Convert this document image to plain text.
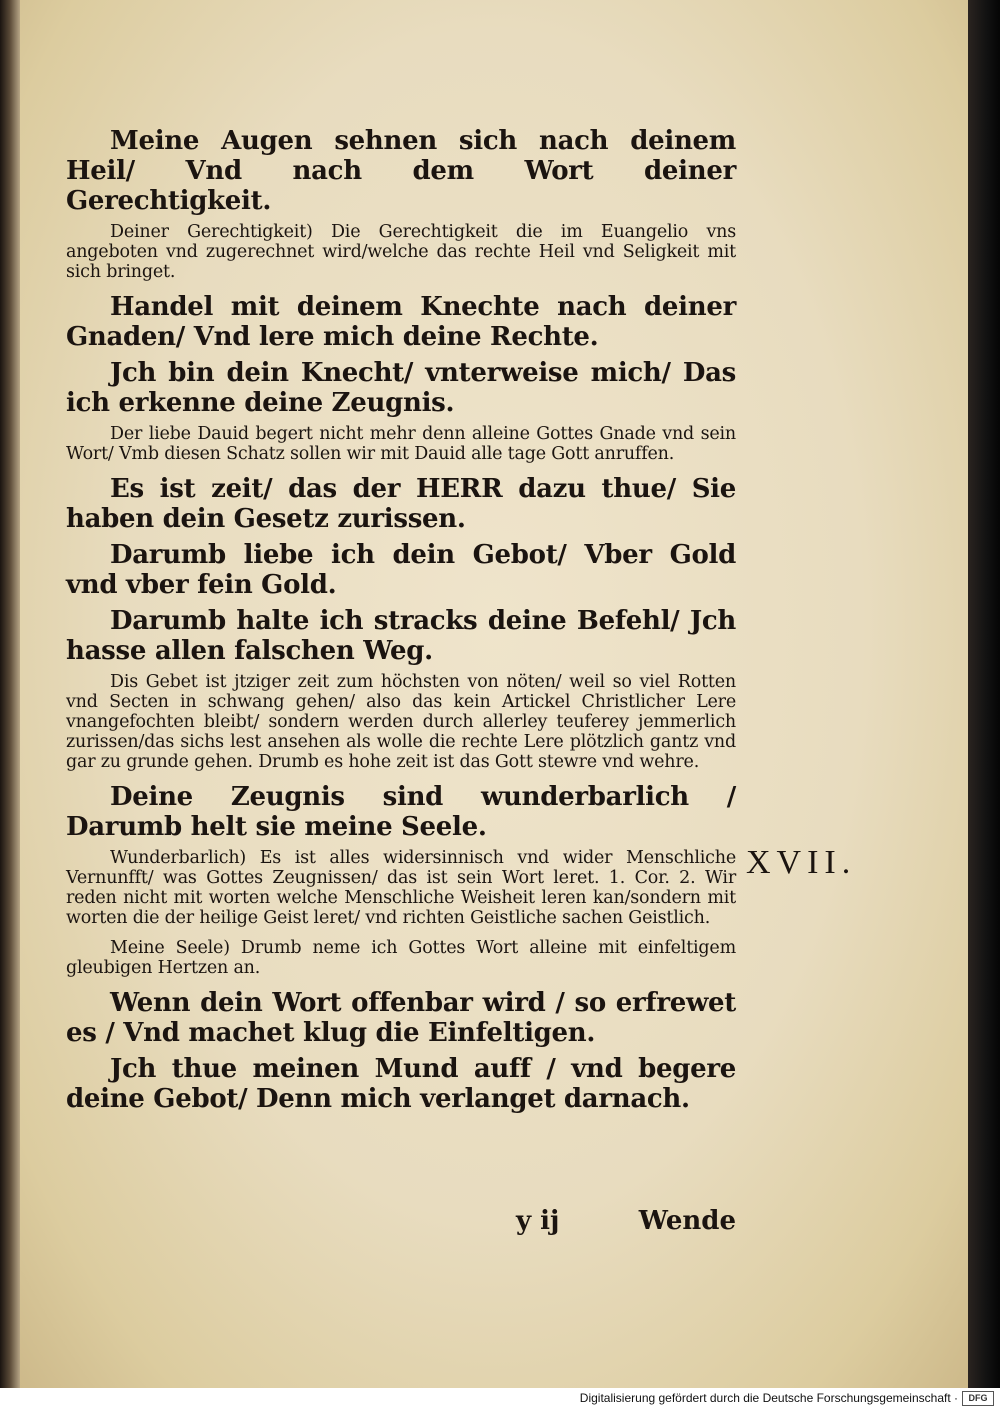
Meine Augen sehnen sich nach deinem Heil/ Vnd nach dem Wort deiner Gerechtigkeit.

Deiner Gerechtigkeit) Die Gerechtigkeit die im Euangelio vns angeboten vnd zugerechnet wird/welche das rechte Heil vnd Seligkeit mit sich bringet.

Handel mit deinem Knechte nach deiner Gnaden/ Vnd lere mich deine Rechte.

Jch bin dein Knecht/ vnterweise mich/ Das ich erkenne deine Zeugnis.

Der liebe Dauid begert nicht mehr denn alleine Gottes Gnade vnd sein Wort/ Vmb diesen Schatz sollen wir mit Dauid alle tage Gott anruffen.

Es ist zeit/ das der HERR dazu thue/ Sie haben dein Gesetz zurissen.

Darumb liebe ich dein Gebot/ Vber Gold vnd vber fein Gold.

Darumb halte ich stracks deine Befehl/ Jch hasse allen falschen Weg.

Dis Gebet ist jtziger zeit zum höchsten von nöten/ weil so viel Rotten vnd Secten in schwang gehen/ also das kein Artickel Christlicher Lere vnangefochten bleibt/ sondern werden durch allerley teuferey jemmerlich zurissen/das sichs lest ansehen als wolle die rechte Lere plötzlich gantz vnd gar zu grunde gehen. Drumb es hohe zeit ist das Gott stewre vnd wehre.

Deine Zeugnis sind wunderbarlich / Darumb helt sie meine Seele.

Wunderbarlich) Es ist alles widersinnisch vnd wider Menschliche Vernunfft/ was Gottes Zeugnissen/ das ist sein Wort leret. 1. Cor. 2. Wir reden nicht mit worten welche Menschliche Weisheit leren kan/sondern mit worten die der heilige Geist leret/ vnd richten Geistliche sachen Geistlich.

Meine Seele) Drumb neme ich Gottes Wort alleine mit einfeltigem gleubigen Hertzen an.

Wenn dein Wort offenbar wird / so erfrewet es / Vnd machet klug die Einfeltigen.

Jch thue meinen Mund auff / vnd begere deine Gebot/ Denn mich verlanget darnach.

XVII.
y ij	Wende
Digitalisierung gefördert durch die Deutsche Forschungsgemeinschaft ·	DFG
